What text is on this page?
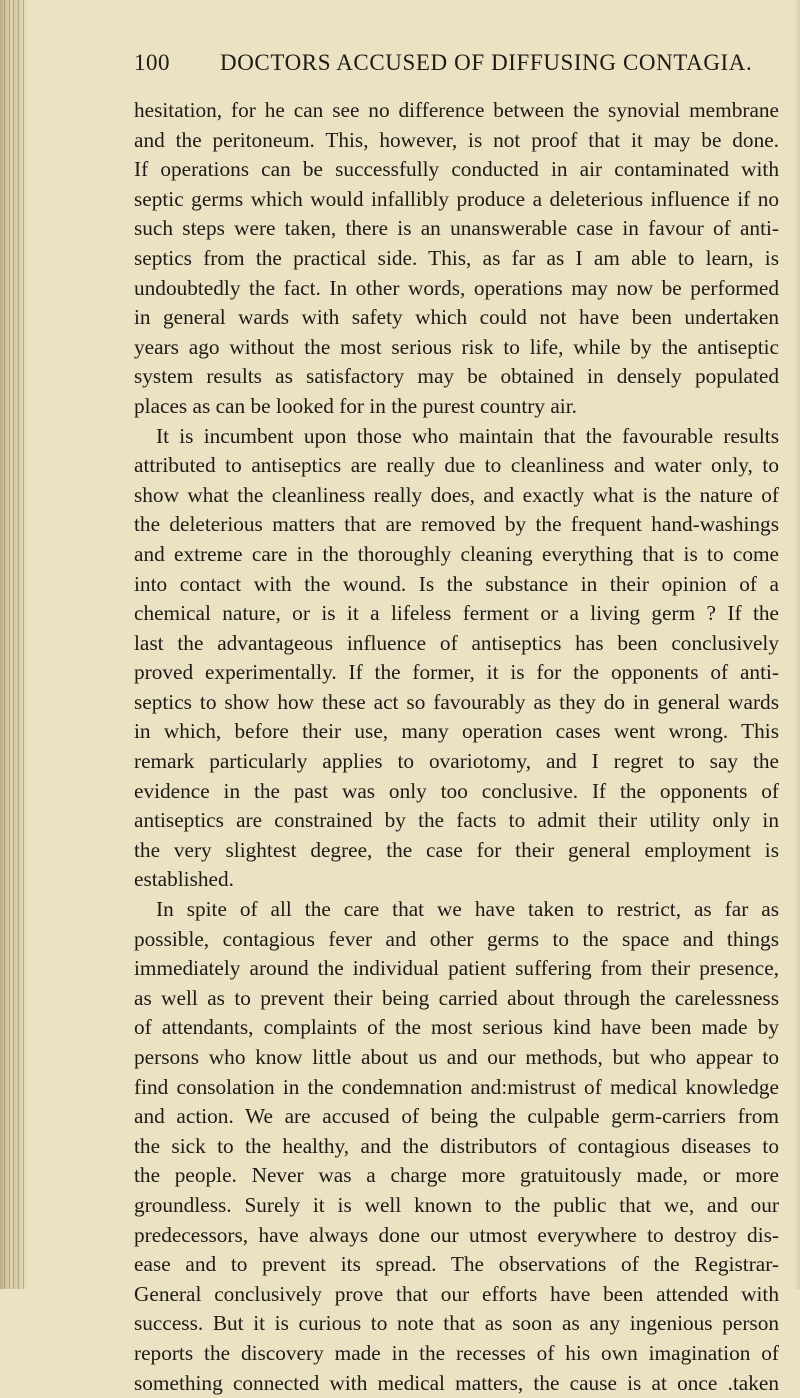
100 DOCTORS ACCUSED OF DIFFUSING CONTAGIA.
hesitation, for he can see no difference between the synovial membrane
and the peritoneum. This, however, is not proof that it may be done.
If operations can be successfully conducted in air contaminated with
septic germs which would infallibly produce a deleterious influence if no
such steps were taken, there is an unanswerable case in favour of anti-
septics from the practical side. This, as far as I am able to learn, is
undoubtedly the fact. In other words, operations may now be performed
in general wards with safety which could not have been undertaken
years ago without the most serious risk to life, while by the antiseptic
system results as satisfactory may be obtained in densely populated
places as can be looked for in the purest country air.
It is incumbent upon those who maintain that the favourable results
attributed to antiseptics are really due to cleanliness and water only, to
show what the cleanliness really does, and exactly what is the nature of
the deleterious matters that are removed by the frequent hand-washings
and extreme care in the thoroughly cleaning everything that is to come
into contact with the wound. Is the substance in their opinion of a
chemical nature, or is it a lifeless ferment or a living germ ? If the
last the advantageous influence of antiseptics has been conclusively
proved experimentally. If the former, it is for the opponents of anti-
septics to show how these act so favourably as they do in general wards
in which, before their use, many operation cases went wrong. This
remark particularly applies to ovariotomy, and I regret to say the
evidence in the past was only too conclusive. If the opponents of
antiseptics are constrained by the facts to admit their utility only in
the very slightest degree, the case for their general employment is
established.
In spite of all the care that we have taken to restrict, as far as
possible, contagious fever and other germs to the space and things
immediately around the individual patient suffering from their presence,
as well as to prevent their being carried about through the carelessness
of attendants, complaints of the most serious kind have been made by
persons who know little about us and our methods, but who appear to
find consolation in the condemnation and:mistrust of medical knowledge
and action. We are accused of being the culpable germ-carriers from
the sick to the healthy, and the distributors of contagious diseases to
the people. Never was a charge more gratuitously made, or more
groundless. Surely it is well known to the public that we, and our
predecessors, have always done our utmost everywhere to destroy dis-
ease and to prevent its spread. The observations of the Registrar-
General conclusively prove that our efforts have been attended with
success. But it is curious to note that as soon as any ingenious person
reports the discovery made in the recesses of his own imagination of
something connected with medical matters, the cause is at once .taken
